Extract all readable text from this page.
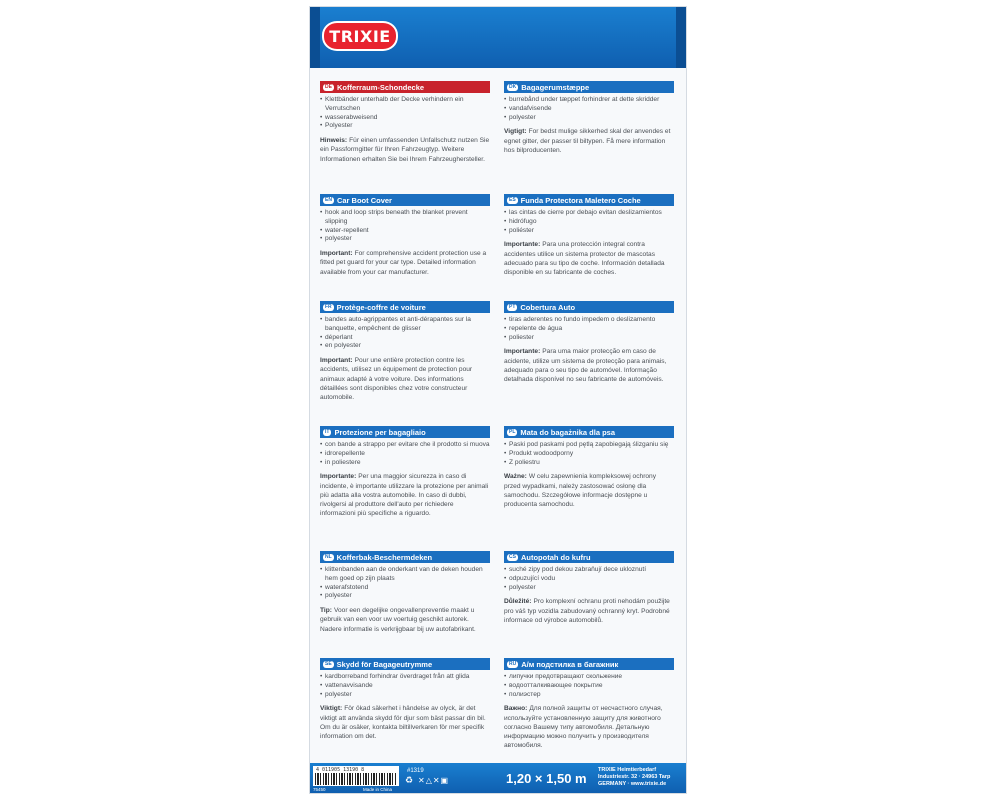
TRIXIE
DE Kofferraum-Schondecke
• Klettbänder unterhalb der Decke verhindern ein Verrutschen
• wasserabweisend
• Polyester
Hinweis: Für einen umfassenden Unfallschutz nutzen Sie ein Passformgitter für Ihren Fahrzeugtyp. Weitere Informationen erhalten Sie bei Ihrem Fahrzeughersteller.
DK Bagagerumstæppe
• burrebånd under tæppet forhindrer at dette skridder
• vandafvisende
• polyester
Vigtigt: For bedst mulige sikkerhed skal der anvendes et egnet gitter, der passer til biltypen. Få mere information hos bilproducenten.
EN Car Boot Cover
• hook and loop strips beneath the blanket prevent slipping
• water-repellent
• polyester
Important: For comprehensive accident protection use a fitted pet guard for your car type. Detailed information available from your car manufacturer.
ES Funda Protectora Maletero Coche
• las cintas de cierre por debajo evitan deslizamientos
• hidrófugo
• poliéster
Importante: Para una protección integral contra accidentes utilice un sistema protector de mascotas adecuado para su tipo de coche. Información detallada disponible en su fabricante de coches.
FR Protège-coffre de voiture
• bandes auto-agrippantes et anti-dérapantes sur la banquette, empêchent de glisser
• déperlant
• en polyester
Important: Pour une entière protection contre les accidents, utilisez un équipement de protection pour animaux adapté à votre voiture. Des informations détaillées sont disponibles chez votre constructeur automobile.
PT Cobertura Auto
• tiras aderentes no fundo impedem o deslizamento
• repelente de água
• poliester
Importante: Para uma maior protecção em caso de acidente, utilize um sistema de protecção para animais, adequado para o seu tipo de automóvel. Informação detalhada disponível no seu fabricante de automóveis.
IT Protezione per bagagliaio
• con bande a strappo per evitare che il prodotto si muova
• idrorepellente
• in poliestere
Importante: Per una maggior sicurezza in caso di incidente, è importante utilizzare la protezione per animali più adatta alla vostra automobile. In caso di dubbi, rivolgersi al produttore dell'auto per richiedere informazioni più specifiche a riguardo.
PL Mata do bagażnika dla psa
• Paski pod paskami pod pętlą zapobiegają ślizganiu się
• Produkt wodoodporny
• Z poliestru
Ważne: W celu zapewnienia kompleksowej ochrony przed wypadkami, należy zastosować osłonę dla samochodu. Szczegółowe informacje dostępne u producenta samochodu.
NL Kofferbak-Beschermdeken
• klittenbanden aan de onderkant van de deken houden hem goed op zijn plaats
• waterafstotend
• polyester
Tip: Voor een degelijke ongevallenpreventie maakt u gebruik van een voor uw voertuig geschikt autorek. Nadere informatie is verkrijgbaar bij uw autofabrikant.
CS Autopotah do kufru
• suché zipy pod dekou zabraňují dece ukloznutí
• odpuzující vodu
• polyester
Důležité: Pro komplexní ochranu proti nehodám použijte pro váš typ vozidla zabudovaný ochranný kryt. Podrobné informace od výrobce automobilů.
SE Skydd för Bagageutrymme
• kardborreband forhindrar överdraget från att glida
• vattenavvisande
• polyester
Viktigt: För ökad säkerhet i händelse av olyck, är det viktigt att använda skydd för djur som bäst passar din bil. Om du är osäker, kontakta biltillverkaren för mer specifik information om det.
RU А/м подстилка в багажник
• липучки предотвращают скольжение
• водоотталкивающее покрытие
• полиэстер
Важно: Для полной защиты от несчастного случая, используйте установленную защиту для животного согласно Вашему типу автомобиля. Детальную информацию можно получить у производителя автомобиля.
4 011905 13190 8	#1319
♻ ✕△✕▣
75450	Made in China
1,20 × 1,50 m
TRIXIE Heimtierbedarf
Industriestr. 32 · 24963 Tarp
GERMANY · www.trixie.de
